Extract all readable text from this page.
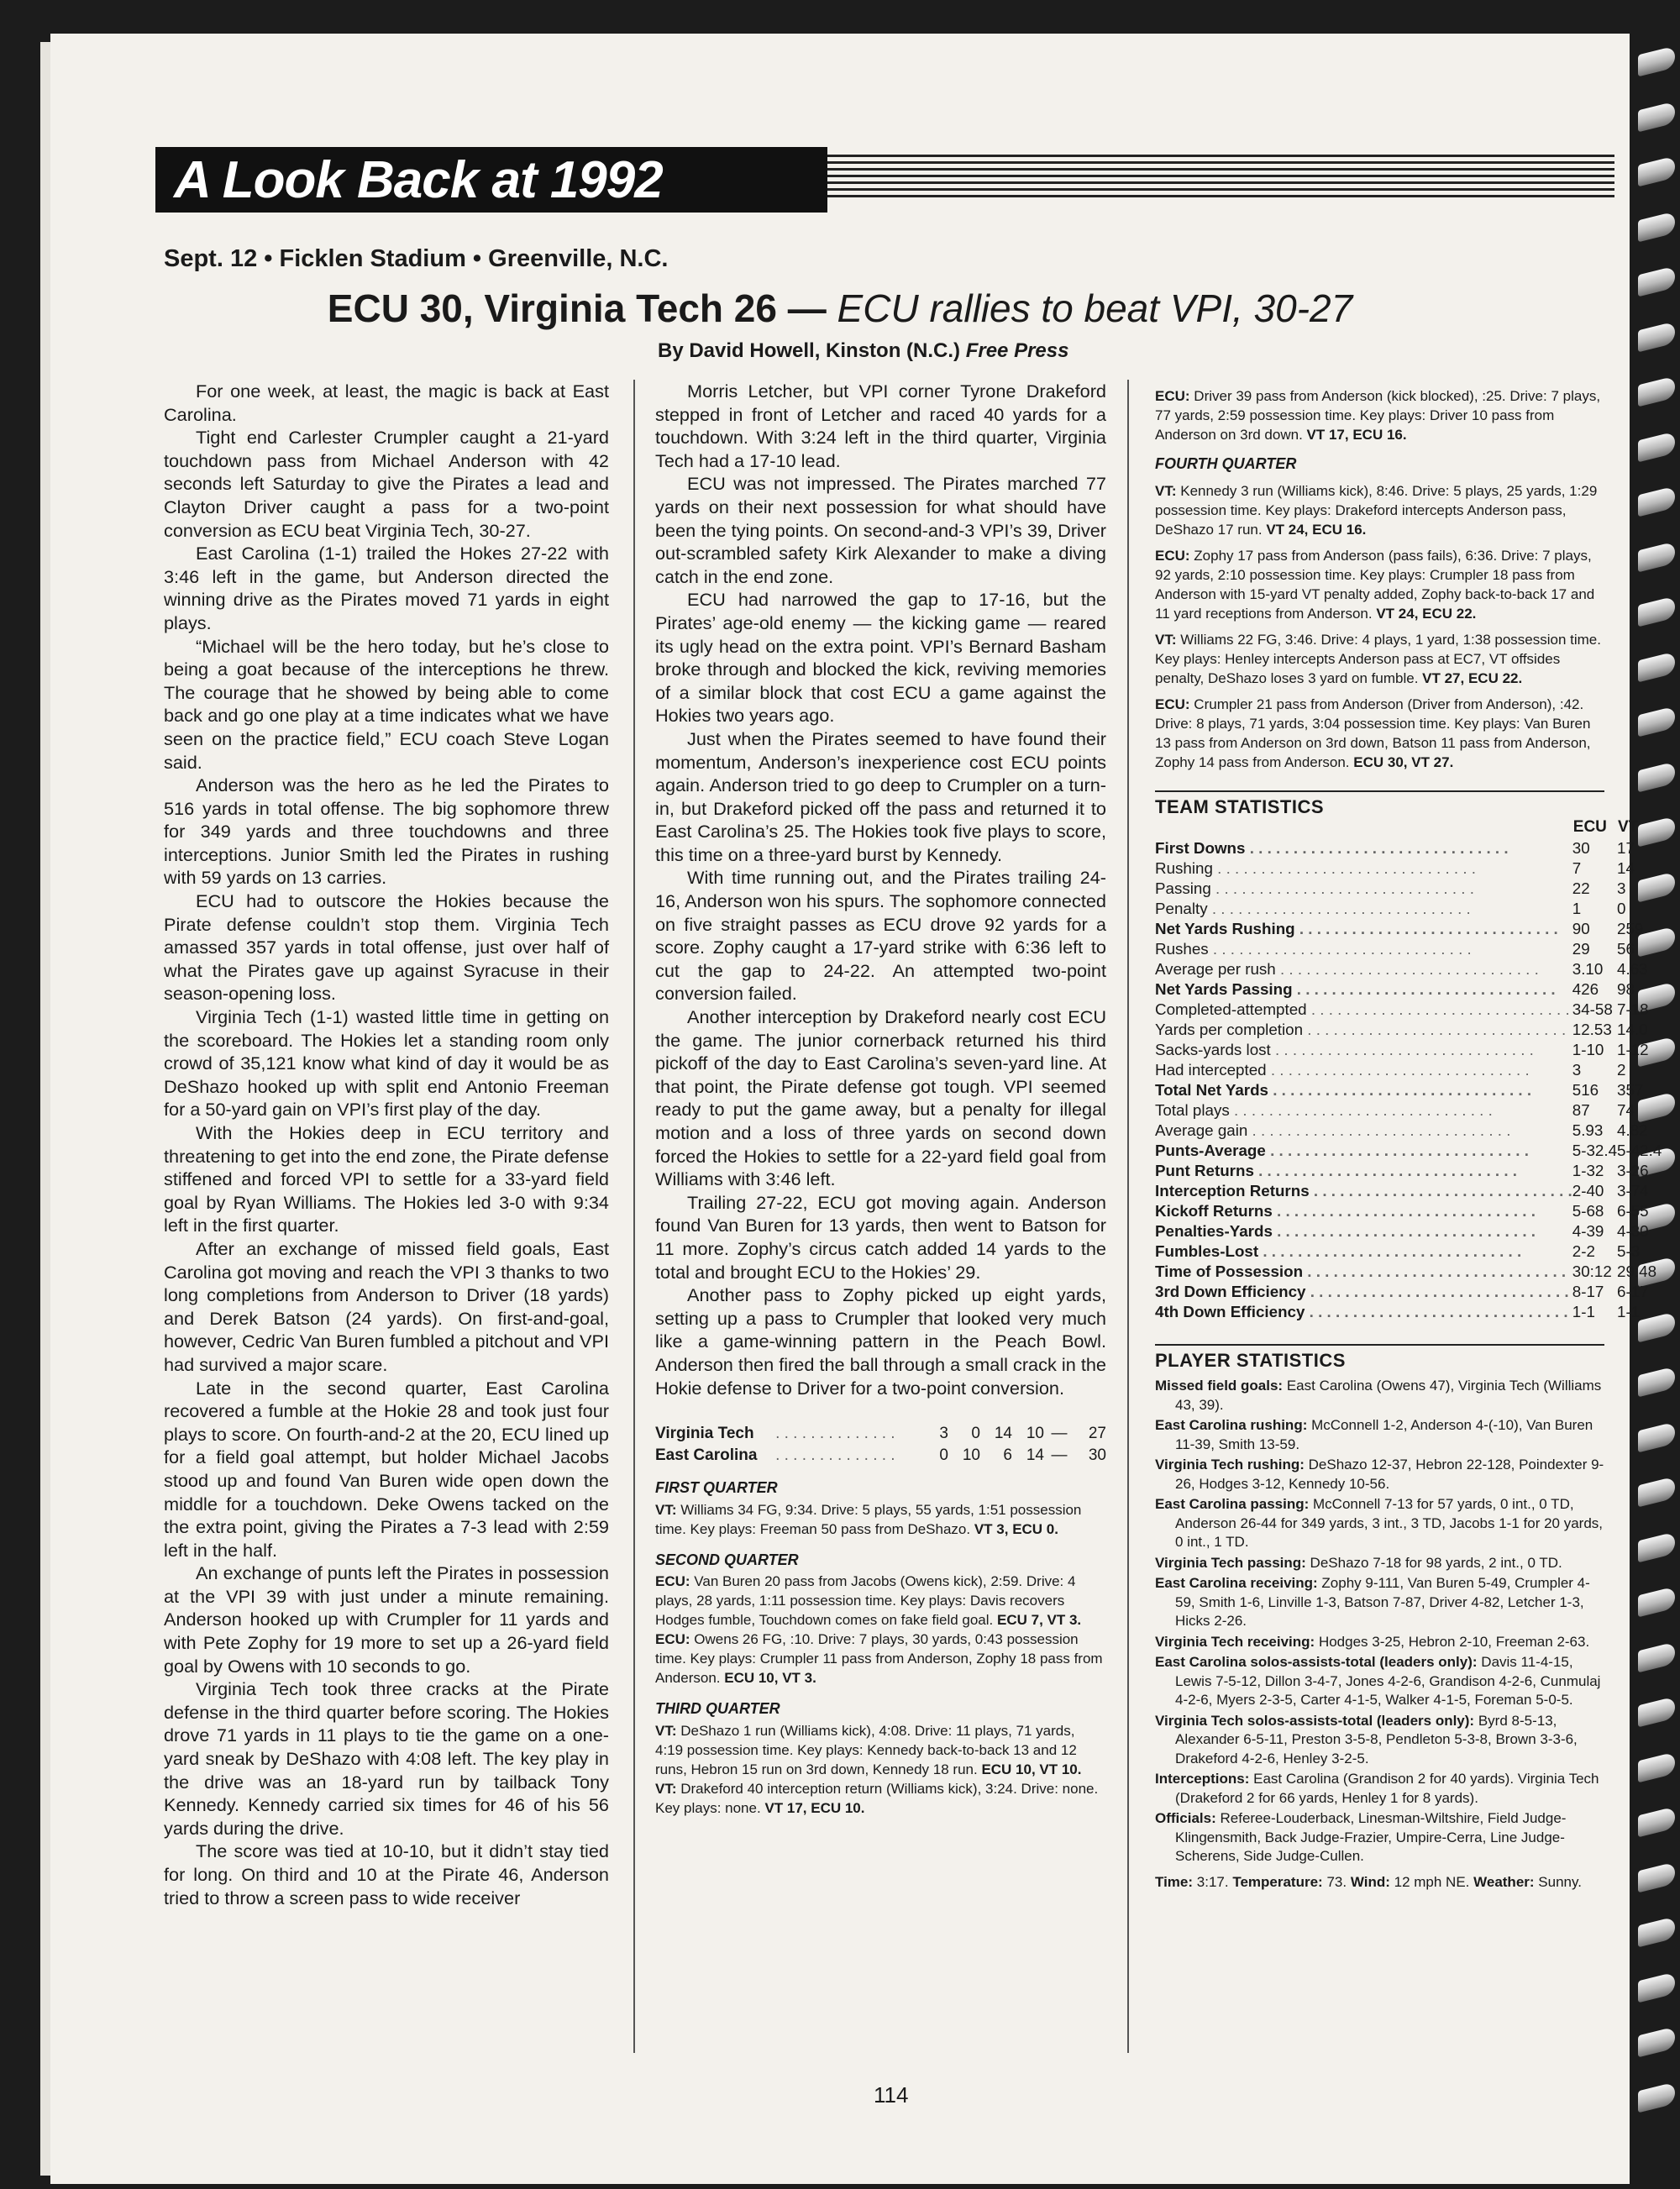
A Look Back at 1992
Sept. 12 • Ficklen Stadium • Greenville, N.C.
ECU 30, Virginia Tech 26 — ECU rallies to beat VPI, 30-27
By David Howell, Kinston (N.C.) Free Press

For one week, at least, the magic is back at East Carolina.

Tight end Carlester Crumpler caught a 21-yard touchdown pass from Michael Anderson with 42 seconds left Saturday to give the Pirates a lead and Clayton Driver caught a pass for a two-point conversion as ECU beat Virginia Tech, 30-27.

East Carolina (1-1) trailed the Hokes 27-22 with 3:46 left in the game, but Anderson directed the winning drive as the Pirates moved 71 yards in eight plays.

“Michael will be the hero today, but he’s close to being a goat because of the interceptions he threw. The courage that he showed by being able to come back and go one play at a time indicates what we have seen on the practice field,” ECU coach Steve Logan said.

Anderson was the hero as he led the Pirates to 516 yards in total offense. The big sophomore threw for 349 yards and three touchdowns and three interceptions. Junior Smith led the Pirates in rushing with 59 yards on 13 carries.

ECU had to outscore the Hokies because the Pirate defense couldn’t stop them. Virginia Tech amassed 357 yards in total offense, just over half of what the Pirates gave up against Syracuse in their season-opening loss.

Virginia Tech (1-1) wasted little time in getting on the scoreboard. The Hokies let a standing room only crowd of 35,121 know what kind of day it would be as DeShazo hooked up with split end Antonio Freeman for a 50-yard gain on VPI’s first play of the day.

With the Hokies deep in ECU territory and threatening to get into the end zone, the Pirate defense stiffened and forced VPI to settle for a 33-yard field goal by Ryan Williams. The Hokies led 3-0 with 9:34 left in the first quarter.

After an exchange of missed field goals, East Carolina got moving and reach the VPI 3 thanks to two long completions from Anderson to Driver (18 yards) and Derek Batson (24 yards). On first-and-goal, however, Cedric Van Buren fumbled a pitchout and VPI had survived a major scare.

Late in the second quarter, East Carolina recovered a fumble at the Hokie 28 and took just four plays to score. On fourth-and-2 at the 20, ECU lined up for a field goal attempt, but holder Michael Jacobs stood up and found Van Buren wide open down the middle for a touchdown. Deke Owens tacked on the the extra point, giving the Pirates a 7-3 lead with 2:59 left in the half.

An exchange of punts left the Pirates in possession at the VPI 39 with just under a minute remaining. Anderson hooked up with Crumpler for 11 yards and with Pete Zophy for 19 more to set up a 26-yard field goal by Owens with 10 seconds to go.

Virginia Tech took three cracks at the Pirate defense in the third quarter before scoring. The Hokies drove 71 yards in 11 plays to tie the game on a one-yard sneak by DeShazo with 4:08 left. The key play in the drive was an 18-yard run by tailback Tony Kennedy. Kennedy carried six times for 46 of his 56 yards during the drive.

The score was tied at 10-10, but it didn’t stay tied for long. On third and 10 at the Pirate 46, Anderson tried to throw a screen pass to wide receiver

Morris Letcher, but VPI corner Tyrone Drakeford stepped in front of Letcher and raced 40 yards for a touchdown. With 3:24 left in the third quarter, Virginia Tech had a 17-10 lead.

ECU was not impressed. The Pirates marched 77 yards on their next possession for what should have been the tying points. On second-and-3 VPI’s 39, Driver out-scrambled safety Kirk Alexander to make a diving catch in the end zone.

ECU had narrowed the gap to 17-16, but the Pirates’ age-old enemy — the kicking game — reared its ugly head on the extra point. VPI’s Bernard Basham broke through and blocked the kick, reviving memories of a similar block that cost ECU a game against the Hokies two years ago.

Just when the Pirates seemed to have found their momentum, Anderson’s inexperience cost ECU points again. Anderson tried to go deep to Crumpler on a turn-in, but Drakeford picked off the pass and returned it to East Carolina’s 25. The Hokies took five plays to score, this time on a three-yard burst by Kennedy.

With time running out, and the Pirates trailing 24-16, Anderson won his spurs. The sophomore connected on five straight passes as ECU drove 92 yards for a score. Zophy caught a 17-yard strike with 6:36 left to cut the gap to 24-22. An attempted two-point conversion failed.

Another interception by Drakeford nearly cost ECU the game. The junior cornerback returned his third pickoff of the day to East Carolina’s seven-yard line. At that point, the Pirate defense got tough. VPI seemed ready to put the game away, but a penalty for illegal motion and a loss of three yards on second down forced the Hokies to settle for a 22-yard field goal from Williams with 3:46 left.

Trailing 27-22, ECU got moving again. Anderson found Van Buren for 13 yards, then went to Batson for 11 more. Zophy’s circus catch added 14 yards to the total and brought ECU to the Hokies’ 29.

Another pass to Zophy picked up eight yards, setting up a pass to Crumpler that looked very much like a game-winning pattern in the Peach Bowl. Anderson then fired the ball through a small crack in the Hokie defense to Driver for a two-point conversion.

Virginia Tech	. . . . . . . . . . . . . .	3	0	14	10	—	27
East Carolina	. . . . . . . . . . . . . .	0	10	6	14	—	30
FIRST QUARTER

VT: Williams 34 FG, 9:34. Drive: 5 plays, 55 yards, 1:51 possession time. Key plays: Freeman 50 pass from DeShazo. VT 3, ECU 0.

SECOND QUARTER

ECU: Van Buren 20 pass from Jacobs (Owens kick), 2:59. Drive: 4 plays, 28 yards, 1:11 possession time. Key plays: Davis recovers Hodges fumble, Touchdown comes on fake field goal. ECU 7, VT 3.

ECU: Owens 26 FG, :10. Drive: 7 plays, 30 yards, 0:43 possession time. Key plays: Crumpler 11 pass from Anderson, Zophy 18 pass from Anderson. ECU 10, VT 3.

THIRD QUARTER

VT: DeShazo 1 run (Williams kick), 4:08. Drive: 11 plays, 71 yards, 4:19 possession time. Key plays: Kennedy back-to-back 13 and 12 runs, Hebron 15 run on 3rd down, Kennedy 18 run. ECU 10, VT 10.

VT: Drakeford 40 interception return (Williams kick), 3:24. Drive: none. Key plays: none. VT 17, ECU 10.

ECU: Driver 39 pass from Anderson (kick blocked), :25. Drive: 7 plays, 77 yards, 2:59 possession time. Key plays: Driver 10 pass from Anderson on 3rd down. VT 17, ECU 16.

FOURTH QUARTER

VT: Kennedy 3 run (Williams kick), 8:46. Drive: 5 plays, 25 yards, 1:29 possession time. Key plays: Drakeford intercepts Anderson pass, DeShazo 17 run. VT 24, ECU 16.

ECU: Zophy 17 pass from Anderson (pass fails), 6:36. Drive: 7 plays, 92 yards, 2:10 possession time. Key plays: Crumpler 18 pass from Anderson with 15-yard VT penalty added, Zophy back-to-back 17 and 11 yard receptions from Anderson. VT 24, ECU 22.

VT: Williams 22 FG, 3:46. Drive: 4 plays, 1 yard, 1:38 possession time. Key plays: Henley intercepts Anderson pass at EC7, VT offsides penalty, DeShazo loses 3 yard on fumble. VT 27, ECU 22.

ECU: Crumpler 21 pass from Anderson (Driver from Anderson), :42. Drive: 8 plays, 71 yards, 3:04 possession time. Key plays: Van Buren 13 pass from Anderson on 3rd down, Batson 11 pass from Anderson, Zophy 14 pass from Anderson. ECU 30, VT 27.

TEAM STATISTICS
	ECU	VT
First Downs . . . . . . . . . . . . . . . . . . . . . . . . . . . . . .	30	17
Rushing . . . . . . . . . . . . . . . . . . . . . . . . . . . . . .	7	14
Passing . . . . . . . . . . . . . . . . . . . . . . . . . . . . . .	22	3
Penalty . . . . . . . . . . . . . . . . . . . . . . . . . . . . . .	1	0
Net Yards Rushing . . . . . . . . . . . . . . . . . . . . . . . . . . . . . .	90	259
Rushes . . . . . . . . . . . . . . . . . . . . . . . . . . . . . .	29	56
Average per rush . . . . . . . . . . . . . . . . . . . . . . . . . . . . . .	3.10	4.63
Net Yards Passing . . . . . . . . . . . . . . . . . . . . . . . . . . . . . .	426	98
Completed-attempted . . . . . . . . . . . . . . . . . . . . . . . . . . . . . .	34-58	7-18
Yards per completion . . . . . . . . . . . . . . . . . . . . . . . . . . . . . .	12.53	14.0
Sacks-yards lost . . . . . . . . . . . . . . . . . . . . . . . . . . . . . .	1-10	1-12
Had intercepted . . . . . . . . . . . . . . . . . . . . . . . . . . . . . .	3	2
Total Net Yards . . . . . . . . . . . . . . . . . . . . . . . . . . . . . .	516	357
Total plays . . . . . . . . . . . . . . . . . . . . . . . . . . . . . .	87	74
Average gain . . . . . . . . . . . . . . . . . . . . . . . . . . . . . .	5.93	4.82
Punts-Average . . . . . . . . . . . . . . . . . . . . . . . . . . . . . .	5-32.4	5-42.4
Punt Returns . . . . . . . . . . . . . . . . . . . . . . . . . . . . . .	1-32	3-26
Interception Returns . . . . . . . . . . . . . . . . . . . . . . . . . . . . . .	2-40	3-74
Kickoff Returns . . . . . . . . . . . . . . . . . . . . . . . . . . . . . .	5-68	6-55
Penalties-Yards . . . . . . . . . . . . . . . . . . . . . . . . . . . . . .	4-39	4-30
Fumbles-Lost . . . . . . . . . . . . . . . . . . . . . . . . . . . . . .	2-2	5-3
Time of Possession . . . . . . . . . . . . . . . . . . . . . . . . . . . . . .	30:12	29:48
3rd Down Efficiency . . . . . . . . . . . . . . . . . . . . . . . . . . . . . .	8-17	6-17
4th Down Efficiency . . . . . . . . . . . . . . . . . . . . . . . . . . . . . .	1-1	1-1
PLAYER STATISTICS

Missed field goals: East Carolina (Owens 47), Virginia Tech (Williams 43, 39).

East Carolina rushing: McConnell 1-2, Anderson 4-(-10), Van Buren 11-39, Smith 13-59.

Virginia Tech rushing: DeShazo 12-37, Hebron 22-128, Poindexter 9-26, Hodges 3-12, Kennedy 10-56.

East Carolina passing: McConnell 7-13 for 57 yards, 0 int., 0 TD, Anderson 26-44 for 349 yards, 3 int., 3 TD, Jacobs 1-1 for 20 yards, 0 int., 1 TD.

Virginia Tech passing: DeShazo 7-18 for 98 yards, 2 int., 0 TD.

East Carolina receiving: Zophy 9-111, Van Buren 5-49, Crumpler 4-59, Smith 1-6, Linville 1-3, Batson 7-87, Driver 4-82, Letcher 1-3, Hicks 2-26.

Virginia Tech receiving: Hodges 3-25, Hebron 2-10, Freeman 2-63.

East Carolina solos-assists-total (leaders only): Davis 11-4-15, Lewis 7-5-12, Dillon 3-4-7, Jones 4-2-6, Grandison 4-2-6, Cunmulaj 4-2-6, Myers 2-3-5, Carter 4-1-5, Walker 4-1-5, Foreman 5-0-5.

Virginia Tech solos-assists-total (leaders only): Byrd 8-5-13, Alexander 6-5-11, Preston 3-5-8, Pendleton 5-3-8, Brown 3-3-6, Drakeford 4-2-6, Henley 3-2-5.

Interceptions: East Carolina (Grandison 2 for 40 yards). Virginia Tech (Drakeford 2 for 66 yards, Henley 1 for 8 yards).

Officials: Referee-Louderback, Linesman-Wiltshire, Field Judge-Klingensmith, Back Judge-Frazier, Umpire-Cerra, Line Judge-Scherens, Side Judge-Cullen.

Time: 3:17. Temperature: 73. Wind: 12 mph NE. Weather: Sunny.

114
